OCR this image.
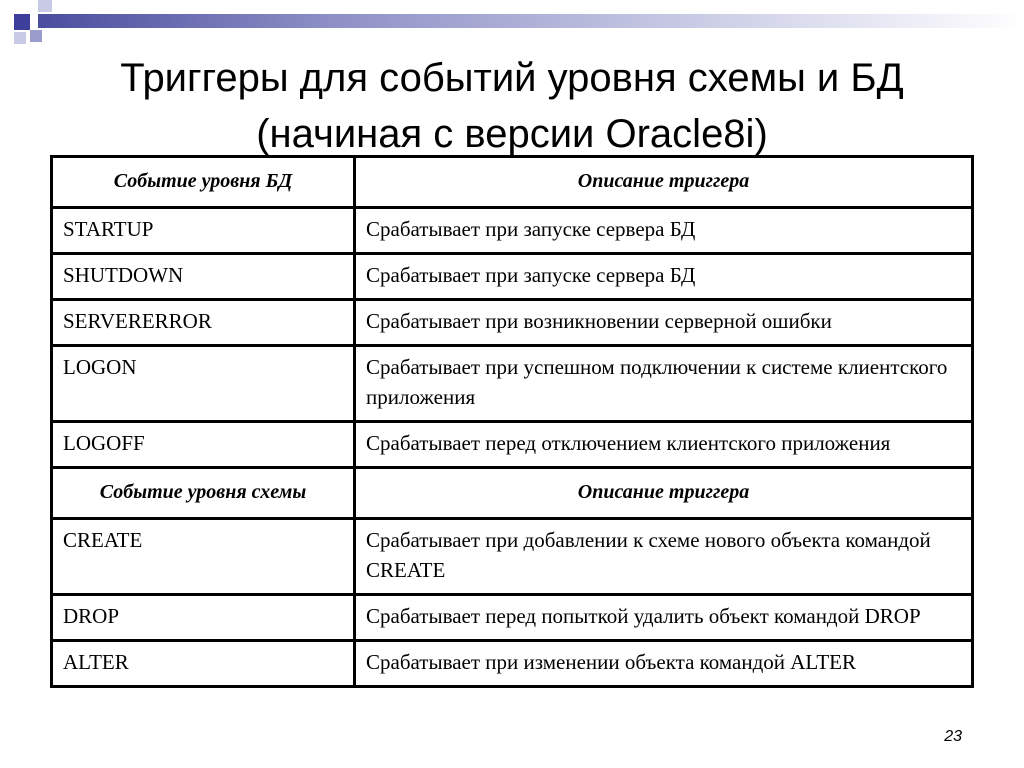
Триггеры для событий уровня схемы и БД
(начиная с версии Oracle8i)
Событие уровня БД	Описание триггера
STARTUP	Срабатывает при запуске сервера БД
SHUTDOWN	Срабатывает при запуске сервера БД
SERVERERROR	Срабатывает при возникновении серверной ошибки
LOGON	Срабатывает при успешном подключении к системе клиентского приложения
LOGOFF	Срабатывает перед отключением клиентского приложения
Событие уровня схемы	Описание триггера
CREATE	Срабатывает при добавлении к схеме нового объекта командой CREATE
DROP	Срабатывает перед попыткой удалить объект командой DROP
ALTER	Срабатывает при изменении объекта командой ALTER
23
